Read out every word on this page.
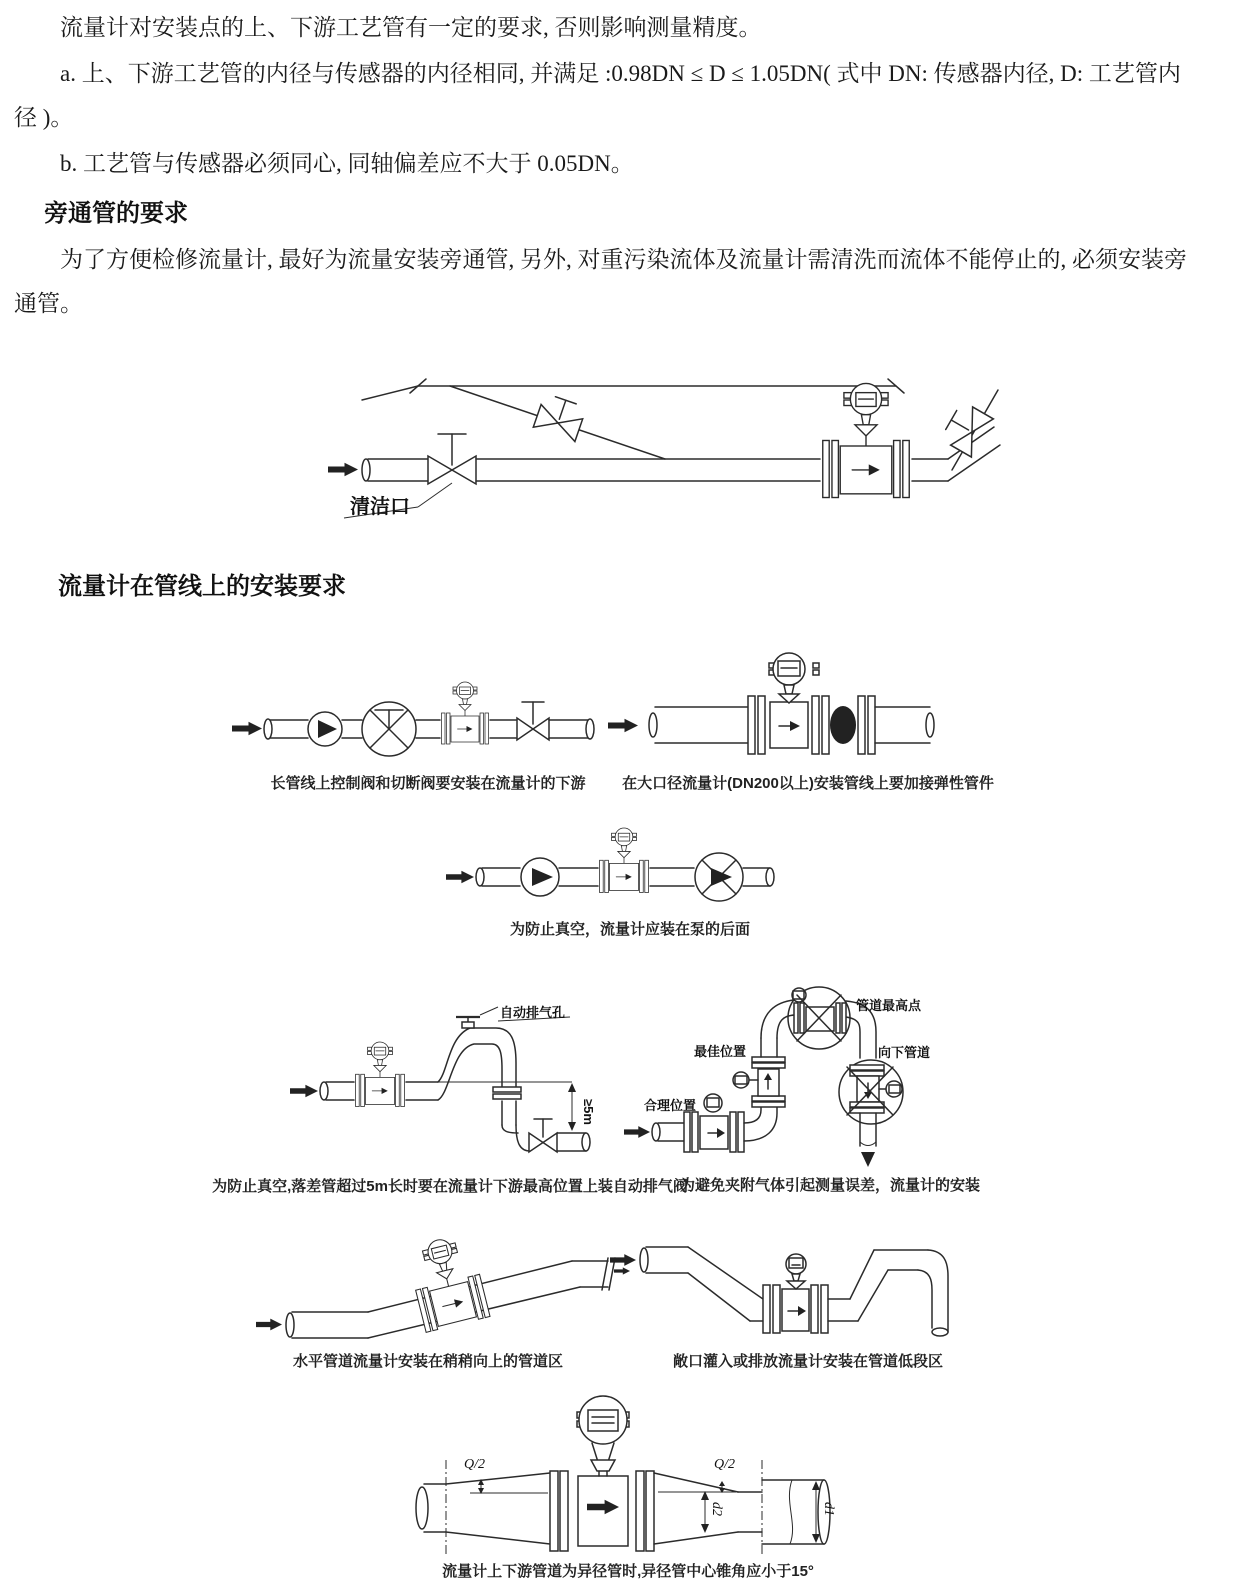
流量计对安装点的上、下游工艺管有一定的要求, 否则影响测量精度。

a. 上、下游工艺管的内径与传感器的内径相同, 并满足 :0.98DN ≤ D ≤ 1.05DN( 式中 DN: 传感器内径, D: 工艺管内径 )。

b. 工艺管与传感器必须同心, 同轴偏差应不大于 0.05DN。

旁通管的要求

为了方便检修流量计, 最好为流量安装旁通管, 另外, 对重污染流体及流量计需清洗而流体不能停止的, 必须安装旁通管。

清洁口
流量计在管线上的安装要求
长管线上控制阀和切断阀要安装在流量计的下游 在大口径流量计(DN200以上)安装管线上要加接弹性管件
为防止真空，流量计应装在泵的后面
自动排气孔
≥5m
为防止真空,落差管超过5m长时要在流量计下游最高位置上装自动排气阀
合理位置
最佳位置
管道最高点
向下管道
为避免夹附气体引起测量误差，流量计的安装
水平管道流量计安装在稍稍向上的管道区	敞口灌入或排放流量计安装在管道低段区
Q/2	Q/2
d2	d1
流量计上下游管道为异径管时,异径管中心锥角应小于15°
